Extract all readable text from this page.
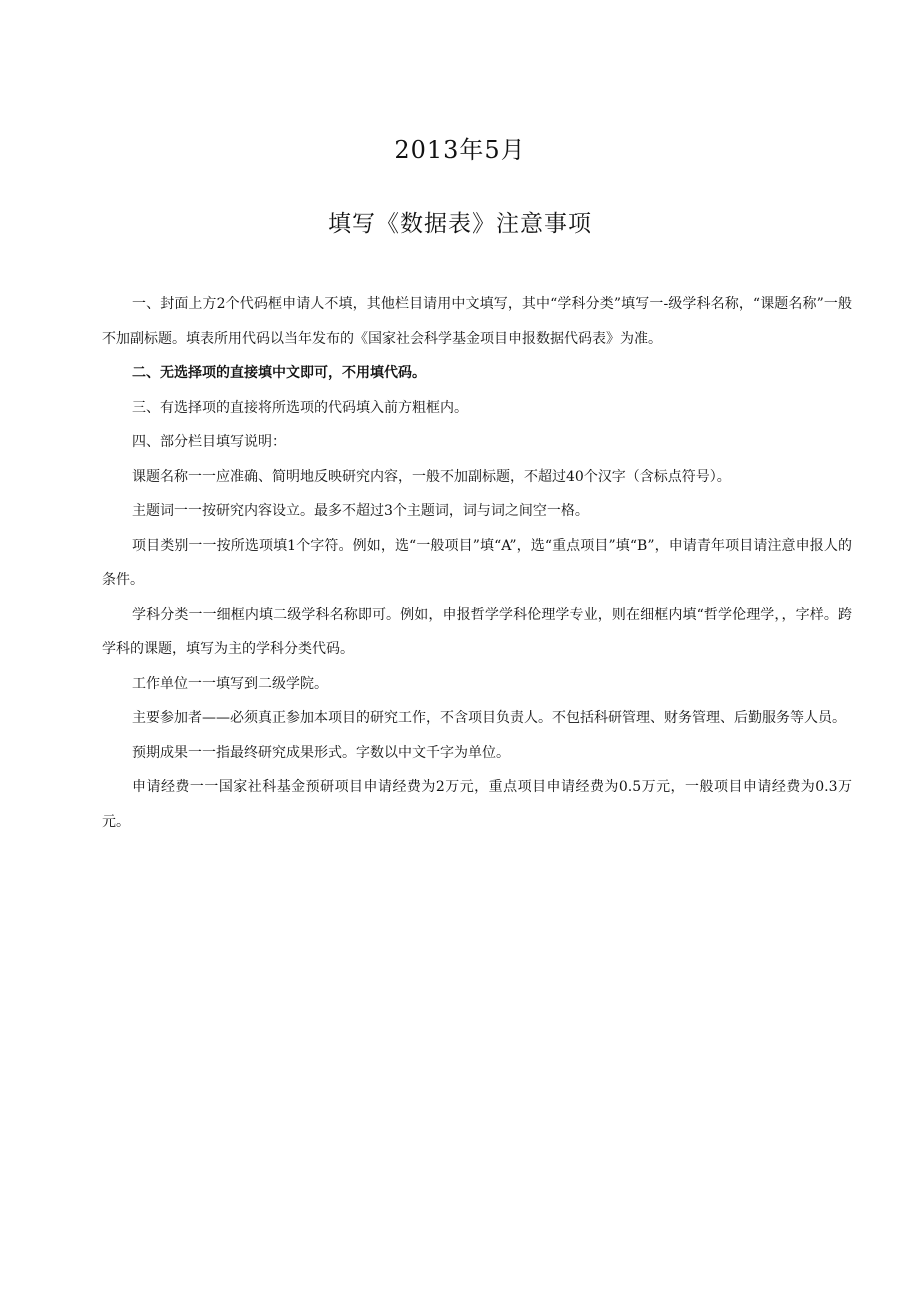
2013年5月
填写《数据表》注意事项

一、封面上方2个代码框申请人不填，其他栏目请用中文填写，其中“学科分类”填写一-级学科名称，“课题名称”一般不加副标题。填表所用代码以当年发布的《国家社会科学基金项目申报数据代码表》为准。

二、无选择项的直接填中文即可，不用填代码。

三、有选择项的直接将所选项的代码填入前方粗框内。

四、部分栏目填写说明：

课题名称一一应准确、简明地反映研究内容，一般不加副标题，不超过40个汉字（含标点符号）。

主题词一一按研究内容设立。最多不超过3个主题词，词与词之间空一格。

项目类别一一按所选项填1个字符。例如，选“一般项目”填“A”，选“重点项目”填“B”，申请青年项目请注意申报人的条件。

学科分类一一细框内填二级学科名称即可。例如，申报哲学学科伦理学专业，则在细框内填“哲学伦理学，，字样。跨学科的课题，填写为主的学科分类代码。

工作单位一一填写到二级学院。

主要参加者——必须真正参加本项目的研究工作，不含项目负责人。不包括科研管理、财务管理、后勤服务等人员。

预期成果一一指最终研究成果形式。字数以中文千字为单位。

申请经费一一国家社科基金预研项目申请经费为2万元，重点项目申请经费为0.5万元，一般项目申请经费为0.3万元。
